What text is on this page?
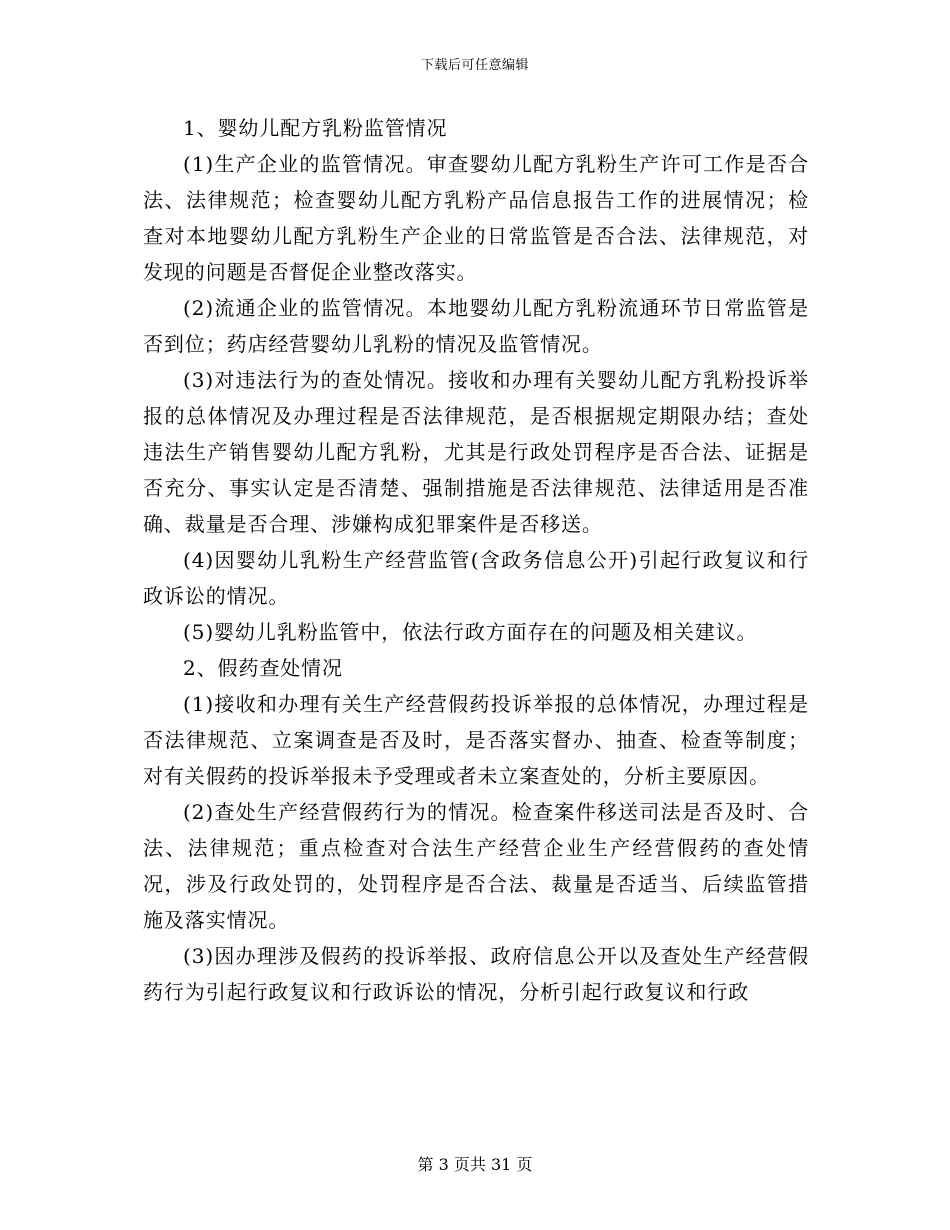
下载后可任意编辑

1、婴幼儿配方乳粉监管情况

(1)生产企业的监管情况。审查婴幼儿配方乳粉生产许可工作是否合法、法律规范；检查婴幼儿配方乳粉产品信息报告工作的进展情况；检查对本地婴幼儿配方乳粉生产企业的日常监管是否合法、法律规范，对发现的问题是否督促企业整改落实。

(2)流通企业的监管情况。本地婴幼儿配方乳粉流通环节日常监管是否到位；药店经营婴幼儿乳粉的情况及监管情况。

(3)对违法行为的查处情况。接收和办理有关婴幼儿配方乳粉投诉举报的总体情况及办理过程是否法律规范，是否根据规定期限办结；查处违法生产销售婴幼儿配方乳粉，尤其是行政处罚程序是否合法、证据是否充分、事实认定是否清楚、强制措施是否法律规范、法律适用是否准确、裁量是否合理、涉嫌构成犯罪案件是否移送。

(4)因婴幼儿乳粉生产经营监管(含政务信息公开)引起行政复议和行政诉讼的情况。

(5)婴幼儿乳粉监管中，依法行政方面存在的问题及相关建议。

2、假药查处情况

(1)接收和办理有关生产经营假药投诉举报的总体情况，办理过程是否法律规范、立案调查是否及时，是否落实督办、抽查、检查等制度；对有关假药的投诉举报未予受理或者未立案查处的，分析主要原因。

(2)查处生产经营假药行为的情况。检查案件移送司法是否及时、合法、法律规范；重点检查对合法生产经营企业生产经营假药的查处情况，涉及行政处罚的，处罚程序是否合法、裁量是否适当、后续监管措施及落实情况。

(3)因办理涉及假药的投诉举报、政府信息公开以及查处生产经营假药行为引起行政复议和行政诉讼的情况，分析引起行政复议和行政

第 3 页共 31 页
